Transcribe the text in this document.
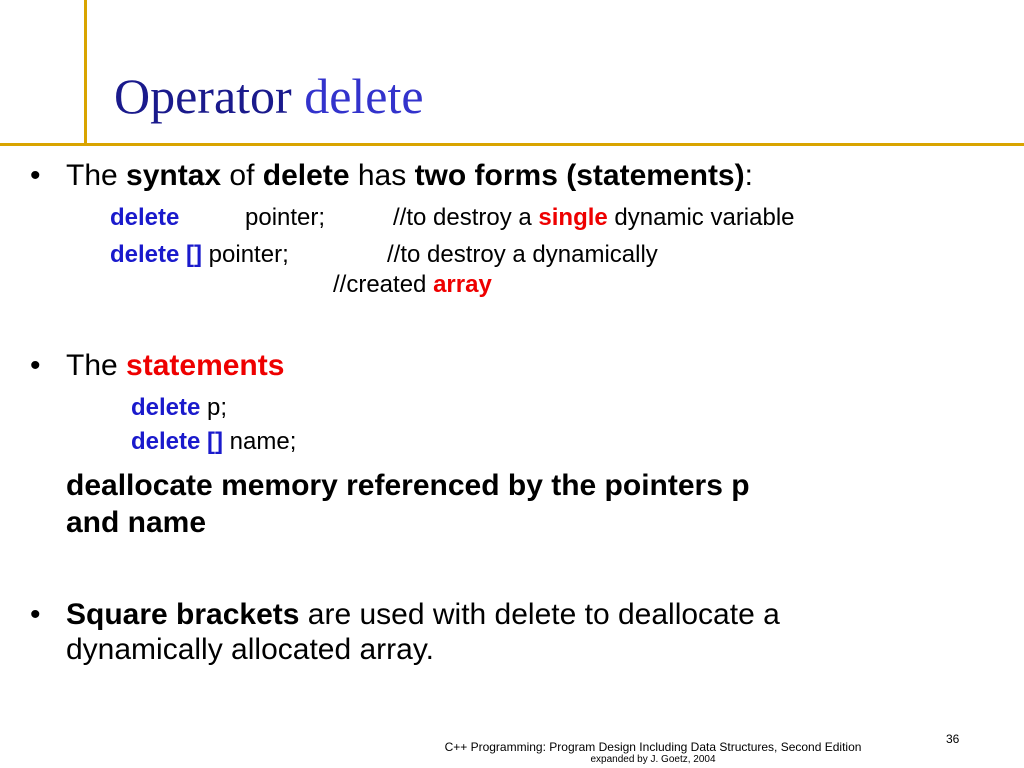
Operator delete
• The syntax of delete has two forms (statements):
delete	pointer;	//to destroy a single dynamic variable
delete [] pointer;	//to destroy a dynamically
//created array
• The statements
delete p;
delete [] name;
deallocate memory referenced by the pointers p
and name
• Square brackets are used with delete to deallocate a
dynamically allocated array.
36
C++ Programming: Program Design Including Data Structures, Second Edition
expanded by J. Goetz, 2004
